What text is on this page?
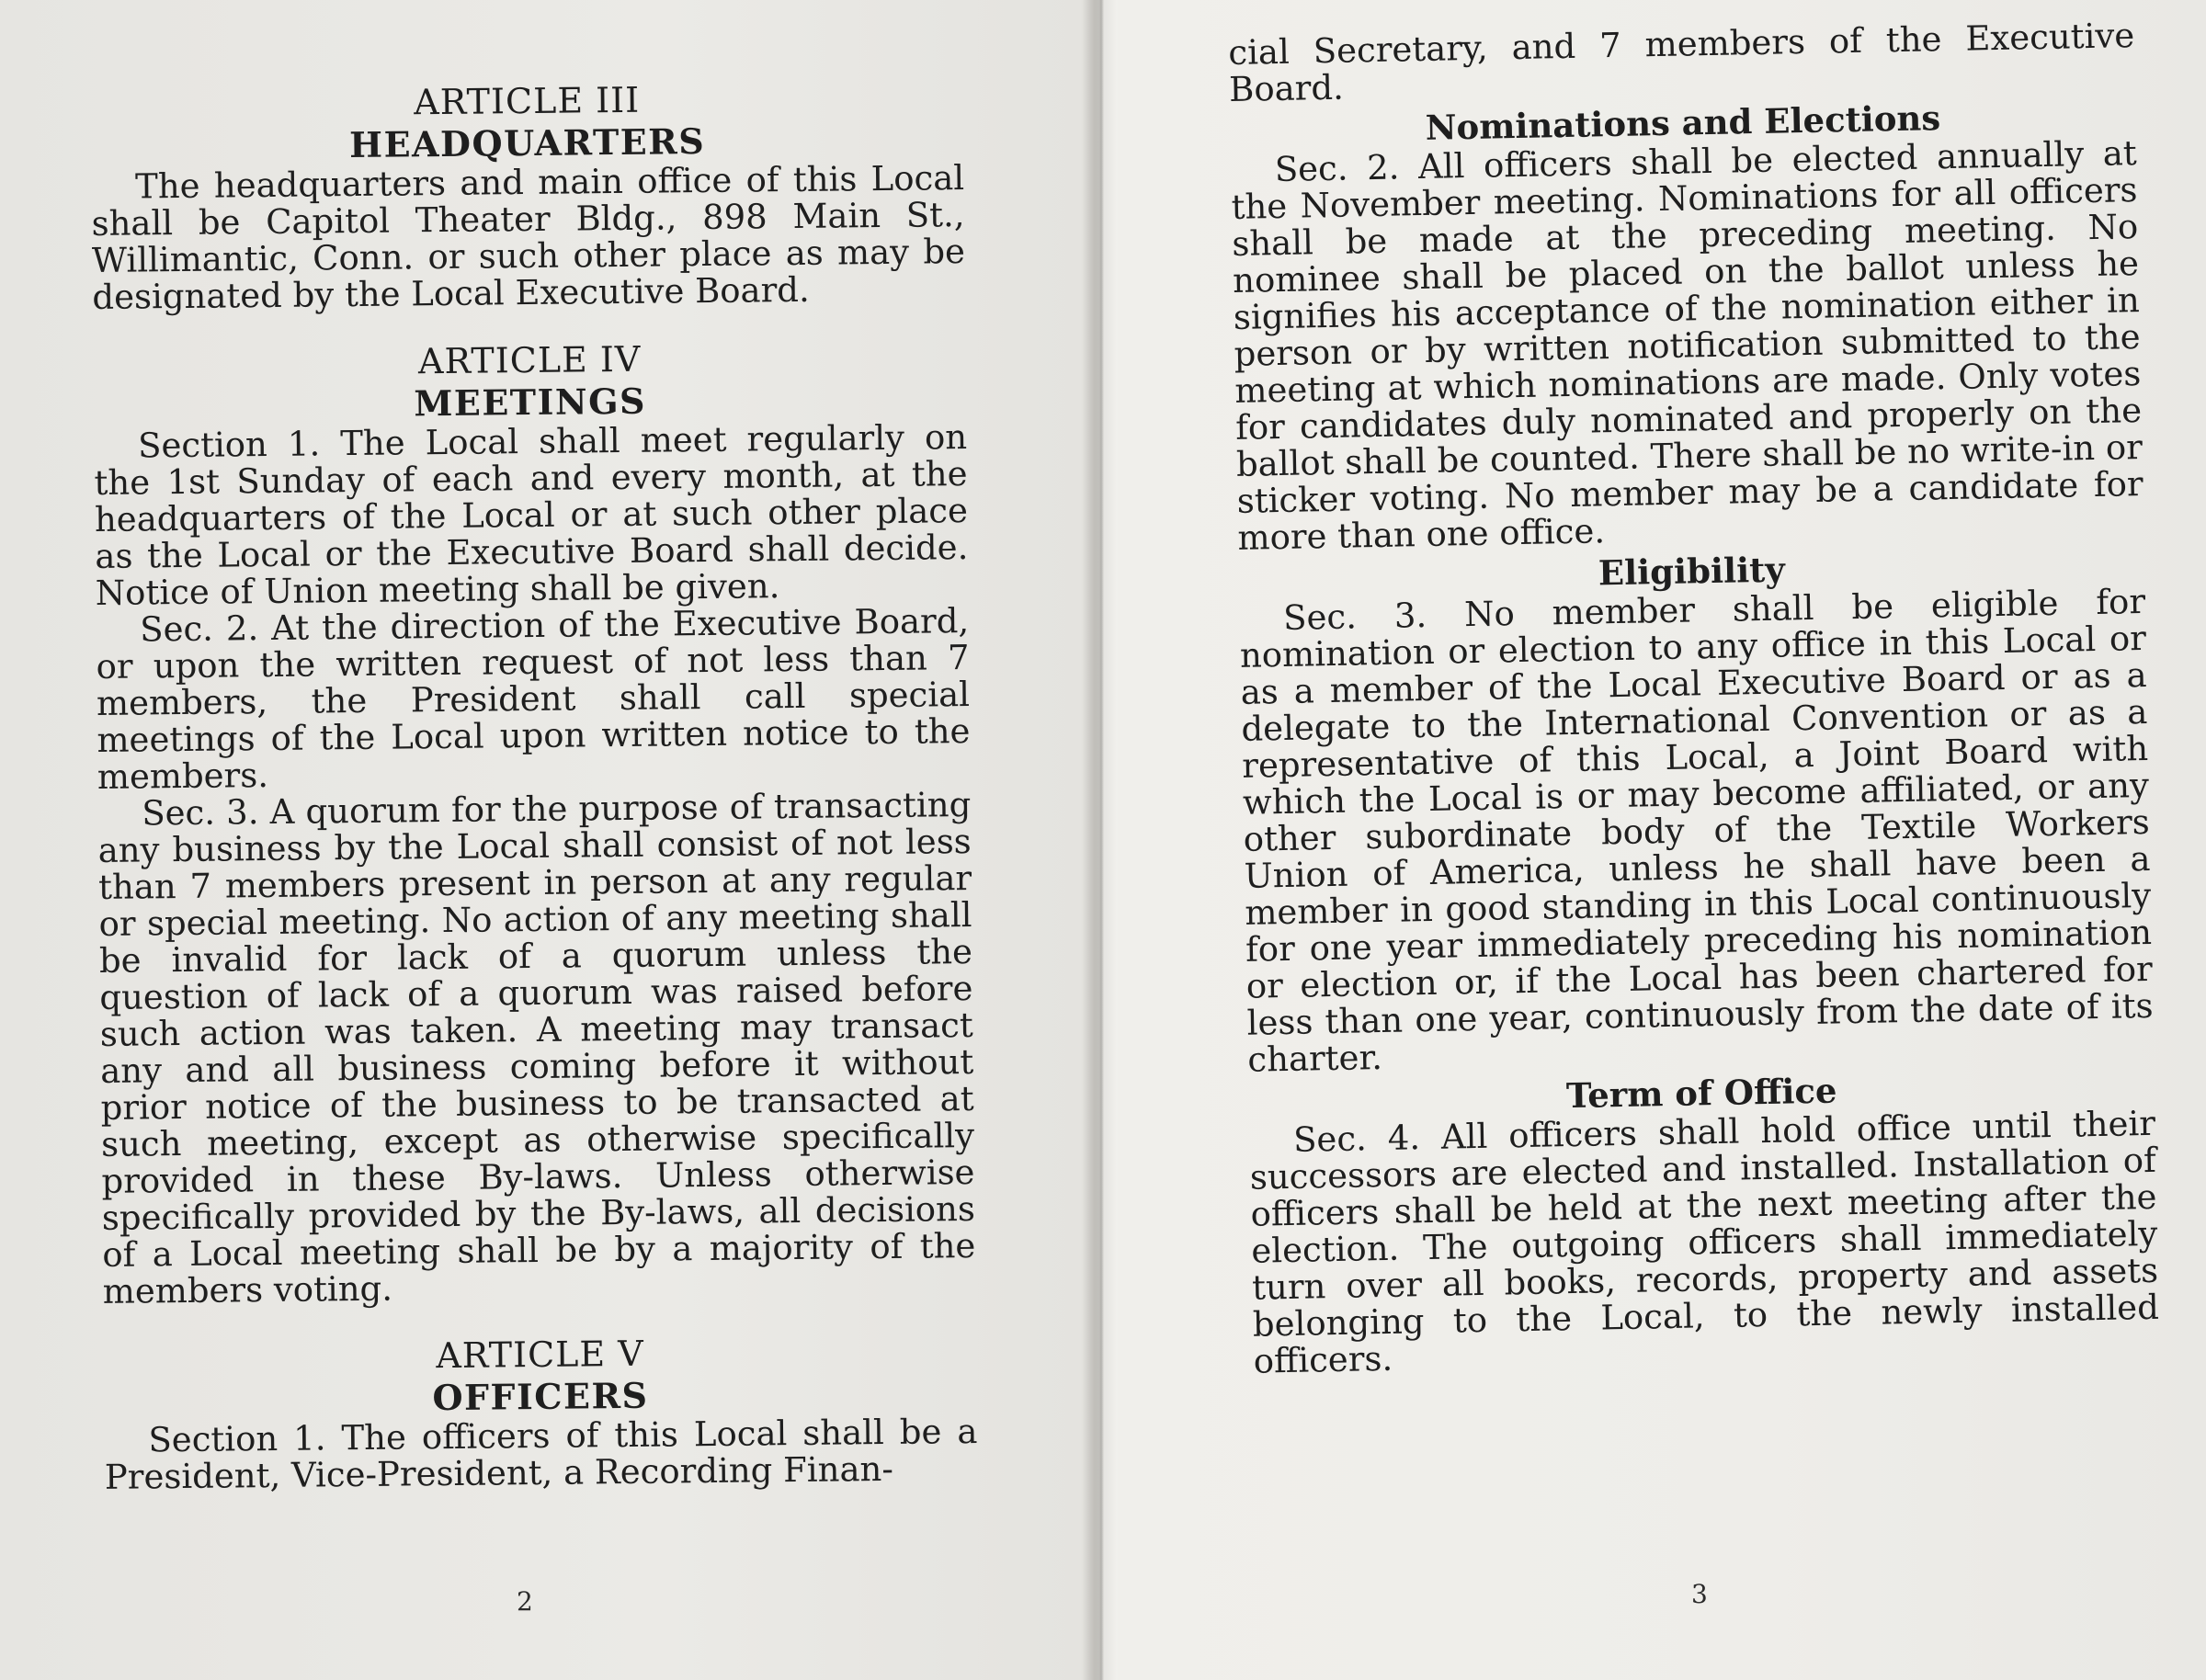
ARTICLE III
HEADQUARTERS

The headquarters and main office of this Local shall be Capitol Theater Bldg., 898 Main St., Willimantic, Conn. or such other place as may be designated by the Local Executive Board.

ARTICLE IV
MEETINGS

Section 1. The Local shall meet regularly on the 1st Sunday of each and every month, at the headquarters of the Local or at such other place as the Local or the Executive Board shall decide. Notice of Union meeting shall be given.

Sec. 2. At the direction of the Executive Board, or upon the written request of not less than 7 members, the President shall call special meetings of the Local upon written notice to the members.

Sec. 3. A quorum for the purpose of transacting any business by the Local shall consist of not less than 7 members present in person at any regular or special meeting. No action of any meeting shall be invalid for lack of a quorum unless the question of lack of a quorum was raised before such action was taken. A meeting may transact any and all business coming before it without prior notice of the business to be transacted at such meeting, except as otherwise specifically provided in these By-laws. Unless otherwise specifically provided by the By-laws, all decisions of a Local meeting shall be by a majority of the members voting.

ARTICLE V
OFFICERS

Section 1. The officers of this Local shall be a President, Vice-President, a Recording Finan-

2

cial Secretary, and 7 members of the Executive Board.

Nominations and Elections

Sec. 2. All officers shall be elected annually at the November meeting. Nominations for all officers shall be made at the preceding meeting. No nominee shall be placed on the ballot unless he signifies his acceptance of the nomination either in person or by written notification submitted to the meeting at which nominations are made. Only votes for candidates duly nominated and properly on the ballot shall be counted. There shall be no write-in or sticker voting. No member may be a candidate for more than one office.

Eligibility

Sec. 3. No member shall be eligible for nomination or election to any office in this Local or as a member of the Local Executive Board or as a delegate to the International Convention or as a representative of this Local, a Joint Board with which the Local is or may become affiliated, or any other subordinate body of the Textile Workers Union of America, unless he shall have been a member in good standing in this Local continuously for one year immediately preceding his nomination or election or, if the Local has been chartered for less than one year, continuously from the date of its charter.

Term of Office

Sec. 4. All officers shall hold office until their successors are elected and installed. Installation of officers shall be held at the next meeting after the election. The outgoing officers shall immediately turn over all books, records, property and assets belonging to the Local, to the newly installed officers.

3
